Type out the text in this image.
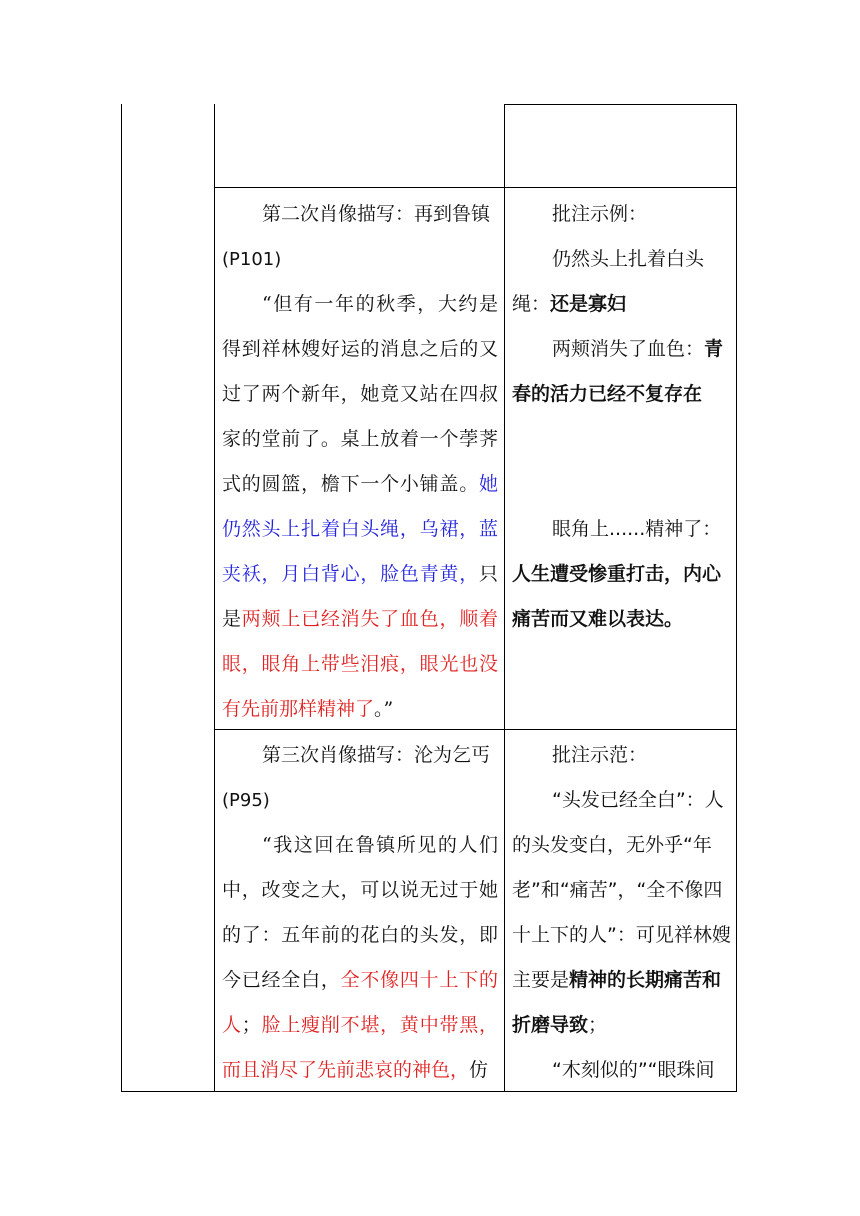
第二次肖像描写：再到鲁镇

(P101)

“但有一年的秋季，大约是得到祥林嫂好运的消息之后的又过了两个新年，她竟又站在四叔家的堂前了。桌上放着一个荸荠式的圆篮，檐下一个小铺盖。她仍然头上扎着白头绳，乌裙，蓝夹袄，月白背心，脸色青黄，只是两颊上已经消失了血色，顺着眼，眼角上带些泪痕，眼光也没有先前那样精神了。”

批注示例：

仍然头上扎着白头绳：还是寡妇

两颊消失了血色：青春的活力已经不复存在

眼角上......精神了：人生遭受惨重打击，内心痛苦而又难以表达。

第三次肖像描写：沦为乞丐

(P95)

“我这回在鲁镇所见的人们中，改变之大，可以说无过于她的了：五年前的花白的头发，即今已经全白，全不像四十上下的人；脸上瘦削不堪，黄中带黑，而且消尽了先前悲哀的神色，仿

批注示范：

“头发已经全白”：人的头发变白，无外乎“年老”和“痛苦”，“全不像四十上下的人”：可见祥林嫂主要是精神的长期痛苦和折磨导致；

“木刻似的”“眼珠间
